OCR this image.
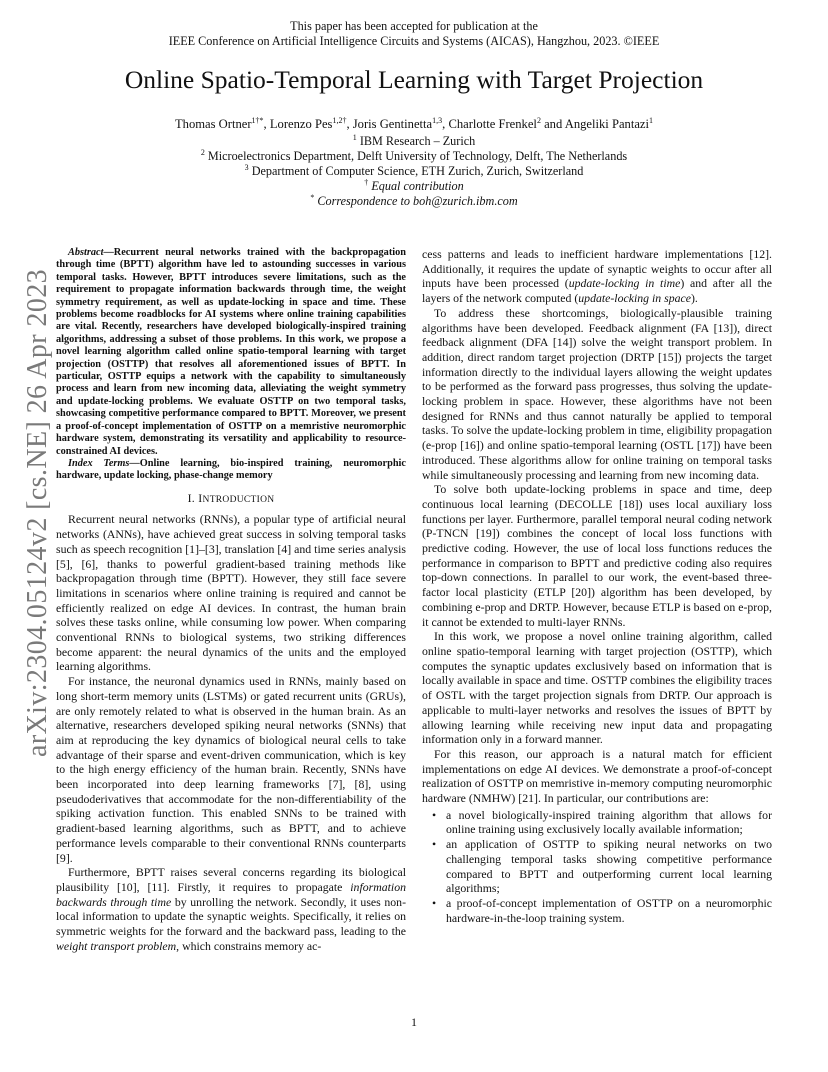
This paper has been accepted for publication at the
IEEE Conference on Artificial Intelligence Circuits and Systems (AICAS), Hangzhou, 2023. ©IEEE
arXiv:2304.05124v2 [cs.NE] 26 Apr 2023
Online Spatio-Temporal Learning with Target Projection
Thomas Ortner$^{1\dagger*}$, Lorenzo Pes$^{1,2\dagger}$, Joris Gentinetta$^{1,3}$, Charlotte Frenkel$^2$ and Angeliki Pantazi$^1$
$^1$ IBM Research – Zurich
$^2$ Microelectronics Department, Delft University of Technology, Delft, The Netherlands
$^3$ Department of Computer Science, ETH Zurich, Zurich, Switzerland
† Equal contribution
* Correspondence to boh@zurich.ibm.com

Abstract—Recurrent neural networks trained with the backpropagation through time (BPTT) algorithm have led to astounding successes in various temporal tasks. However, BPTT introduces severe limitations, such as the requirement to propagate information backwards through time, the weight symmetry requirement, as well as update-locking in space and time. These problems become roadblocks for AI systems where online training capabilities are vital. Recently, researchers have developed biologically-inspired training algorithms, addressing a subset of those problems. In this work, we propose a novel learning algorithm called online spatio-temporal learning with target projection (OSTTP) that resolves all aforementioned issues of BPTT. In particular, OSTTP equips a network with the capability to simultaneously process and learn from new incoming data, alleviating the weight symmetry and update-locking problems. We evaluate OSTTP on two temporal tasks, showcasing competitive performance compared to BPTT. Moreover, we present a proof-of-concept implementation of OSTTP on a memristive neuromorphic hardware system, demonstrating its versatility and applicability to resource-constrained AI devices.

Index Terms—Online learning, bio-inspired training, neuromorphic hardware, update locking, phase-change memory

I. INTRODUCTION

Recurrent neural networks (RNNs), a popular type of artificial neural networks (ANNs), have achieved great success in solving temporal tasks such as speech recognition [1]–[3], translation [4] and time series analysis [5], [6], thanks to powerful gradient-based training methods like backpropagation through time (BPTT). However, they still face severe limitations in scenarios where online training is required and cannot be efficiently realized on edge AI devices. In contrast, the human brain solves these tasks online, while consuming low power. When comparing conventional RNNs to biological systems, two striking differences become apparent: the neural dynamics of the units and the employed learning algorithms.

For instance, the neuronal dynamics used in RNNs, mainly based on long short-term memory units (LSTMs) or gated recurrent units (GRUs), are only remotely related to what is observed in the human brain. As an alternative, researchers developed spiking neural networks (SNNs) that aim at reproducing the key dynamics of biological neural cells to take advantage of their sparse and event-driven communication, which is key to the high energy efficiency of the human brain. Recently, SNNs have been incorporated into deep learning frameworks [7], [8], using pseudoderivatives that accommodate for the non-differentiability of the spiking activation function. This enabled SNNs to be trained with gradient-based learning algorithms, such as BPTT, and to achieve performance levels comparable to their conventional RNNs counterparts [9].

Furthermore, BPTT raises several concerns regarding its biological plausibility [10], [11]. Firstly, it requires to propagate information backwards through time by unrolling the network. Secondly, it uses non-local information to update the synaptic weights. Specifically, it relies on symmetric weights for the forward and the backward pass, leading to the weight transport problem, which constrains memory ac-

cess patterns and leads to inefficient hardware implementations [12]. Additionally, it requires the update of synaptic weights to occur after all inputs have been processed (update-locking in time) and after all the layers of the network computed (update-locking in space).

To address these shortcomings, biologically-plausible training algorithms have been developed. Feedback alignment (FA [13]), direct feedback alignment (DFA [14]) solve the weight transport problem. In addition, direct random target projection (DRTP [15]) projects the target information directly to the individual layers allowing the weight updates to be performed as the forward pass progresses, thus solving the update-locking problem in space. However, these algorithms have not been designed for RNNs and thus cannot naturally be applied to temporal tasks. To solve the update-locking problem in time, eligibility propagation (e-prop [16]) and online spatio-temporal learning (OSTL [17]) have been introduced. These algorithms allow for online training on temporal tasks while simultaneously processing and learning from new incoming data.

To solve both update-locking problems in space and time, deep continuous local learning (DECOLLE [18]) uses local auxiliary loss functions per layer. Furthermore, parallel temporal neural coding network (P-TNCN [19]) combines the concept of local loss functions with predictive coding. However, the use of local loss functions reduces the performance in comparison to BPTT and predictive coding also requires top-down connections. In parallel to our work, the event-based three-factor local plasticity (ETLP [20]) algorithm has been developed, by combining e-prop and DRTP. However, because ETLP is based on e-prop, it cannot be extended to multi-layer RNNs.

In this work, we propose a novel online training algorithm, called online spatio-temporal learning with target projection (OSTTP), which computes the synaptic updates exclusively based on information that is locally available in space and time. OSTTP combines the eligibility traces of OSTL with the target projection signals from DRTP. Our approach is applicable to multi-layer networks and resolves the issues of BPTT by allowing learning while receiving new input data and propagating information only in a forward manner.

For this reason, our approach is a natural match for efficient implementations on edge AI devices. We demonstrate a proof-of-concept realization of OSTTP on memristive in-memory computing neuromorphic hardware (NMHW) [21]. In particular, our contributions are:

• a novel biologically-inspired training algorithm that allows for online training using exclusively locally available information;
• an application of OSTTP to spiking neural networks on two challenging temporal tasks showing competitive performance compared to BPTT and outperforming current local learning algorithms;
• a proof-of-concept implementation of OSTTP on a neuromorphic hardware-in-the-loop training system.
1
